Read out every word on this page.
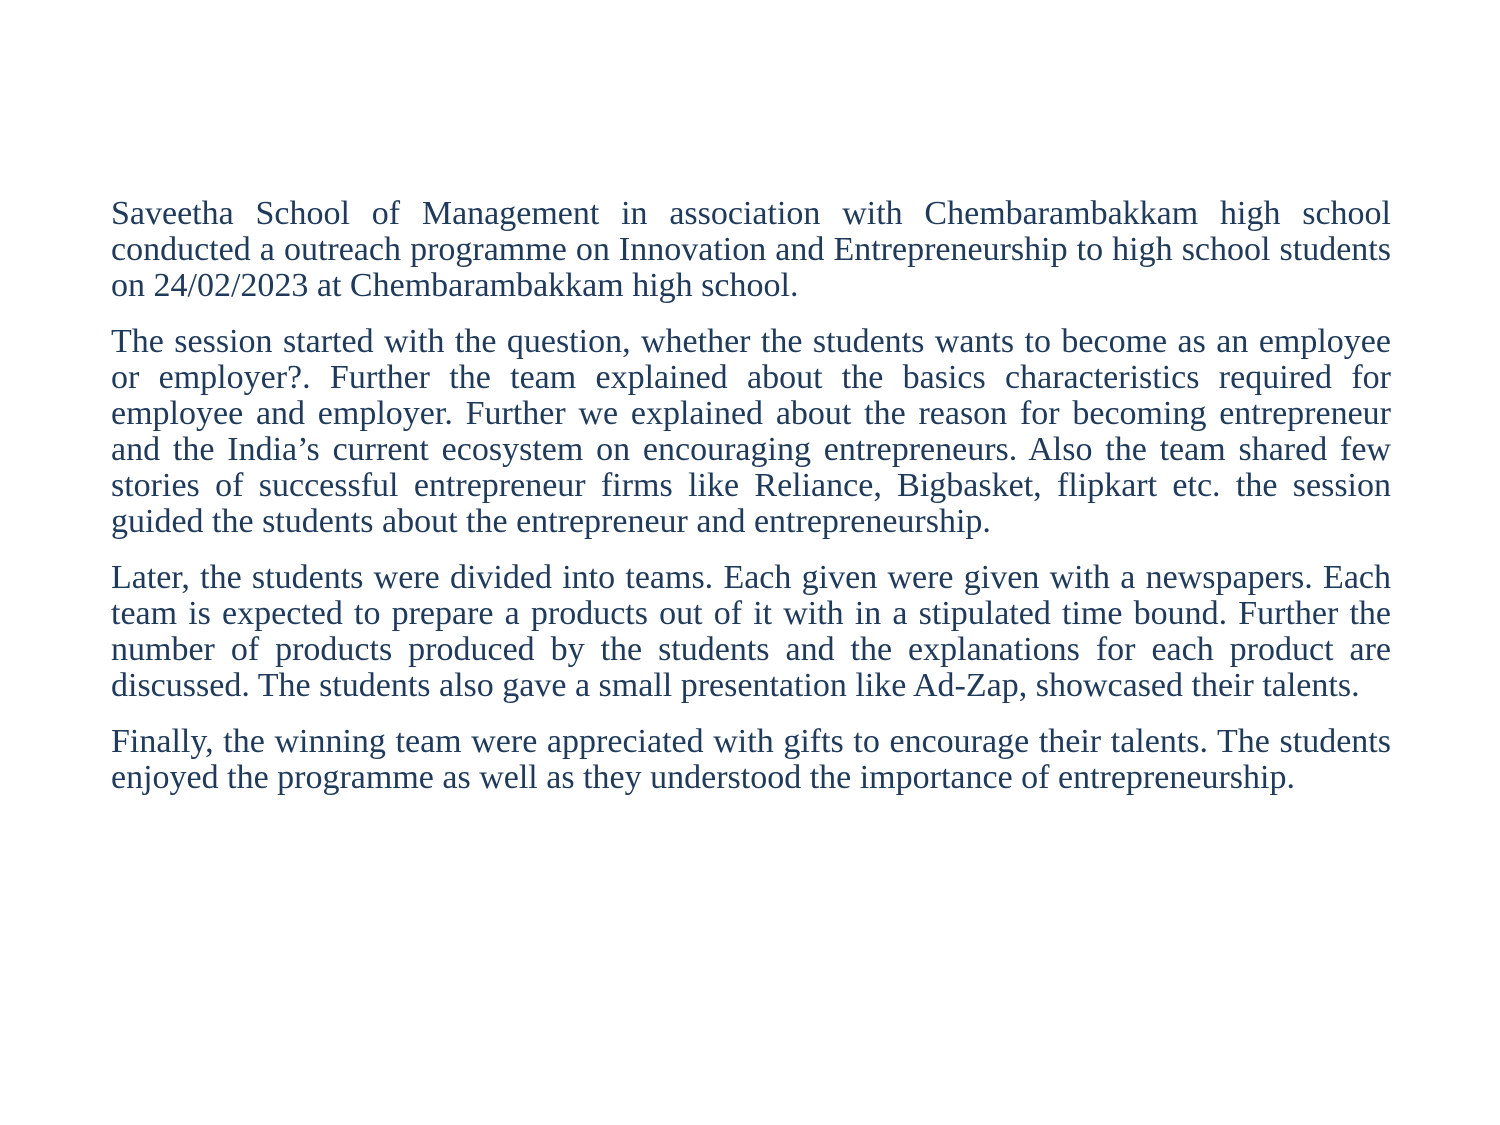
Saveetha School of Management in association with Chembarambakkam high school conducted a outreach programme on Innovation and Entrepreneurship to high school students on 24/02/2023 at Chembarambakkam high school.

The session started with the question, whether the students wants to become as an employee or employer?. Further the team explained about the basics characteristics required for employee and employer. Further we explained about the reason for becoming entrepreneur and the India’s current ecosystem on encouraging entrepreneurs. Also the team shared few stories of successful entrepreneur firms like Reliance, Bigbasket, flipkart etc. the session guided the students about the entrepreneur and entrepreneurship.

Later, the students were divided into teams. Each given were given with a newspapers. Each team is expected to prepare a products out of it with in a stipulated time bound. Further the number of products produced by the students and the explanations for each product are discussed. The students also gave a small presentation like Ad-Zap, showcased their talents.

Finally, the winning team were appreciated with gifts to encourage their talents. The students enjoyed the programme as well as they understood the importance of entrepreneurship.
